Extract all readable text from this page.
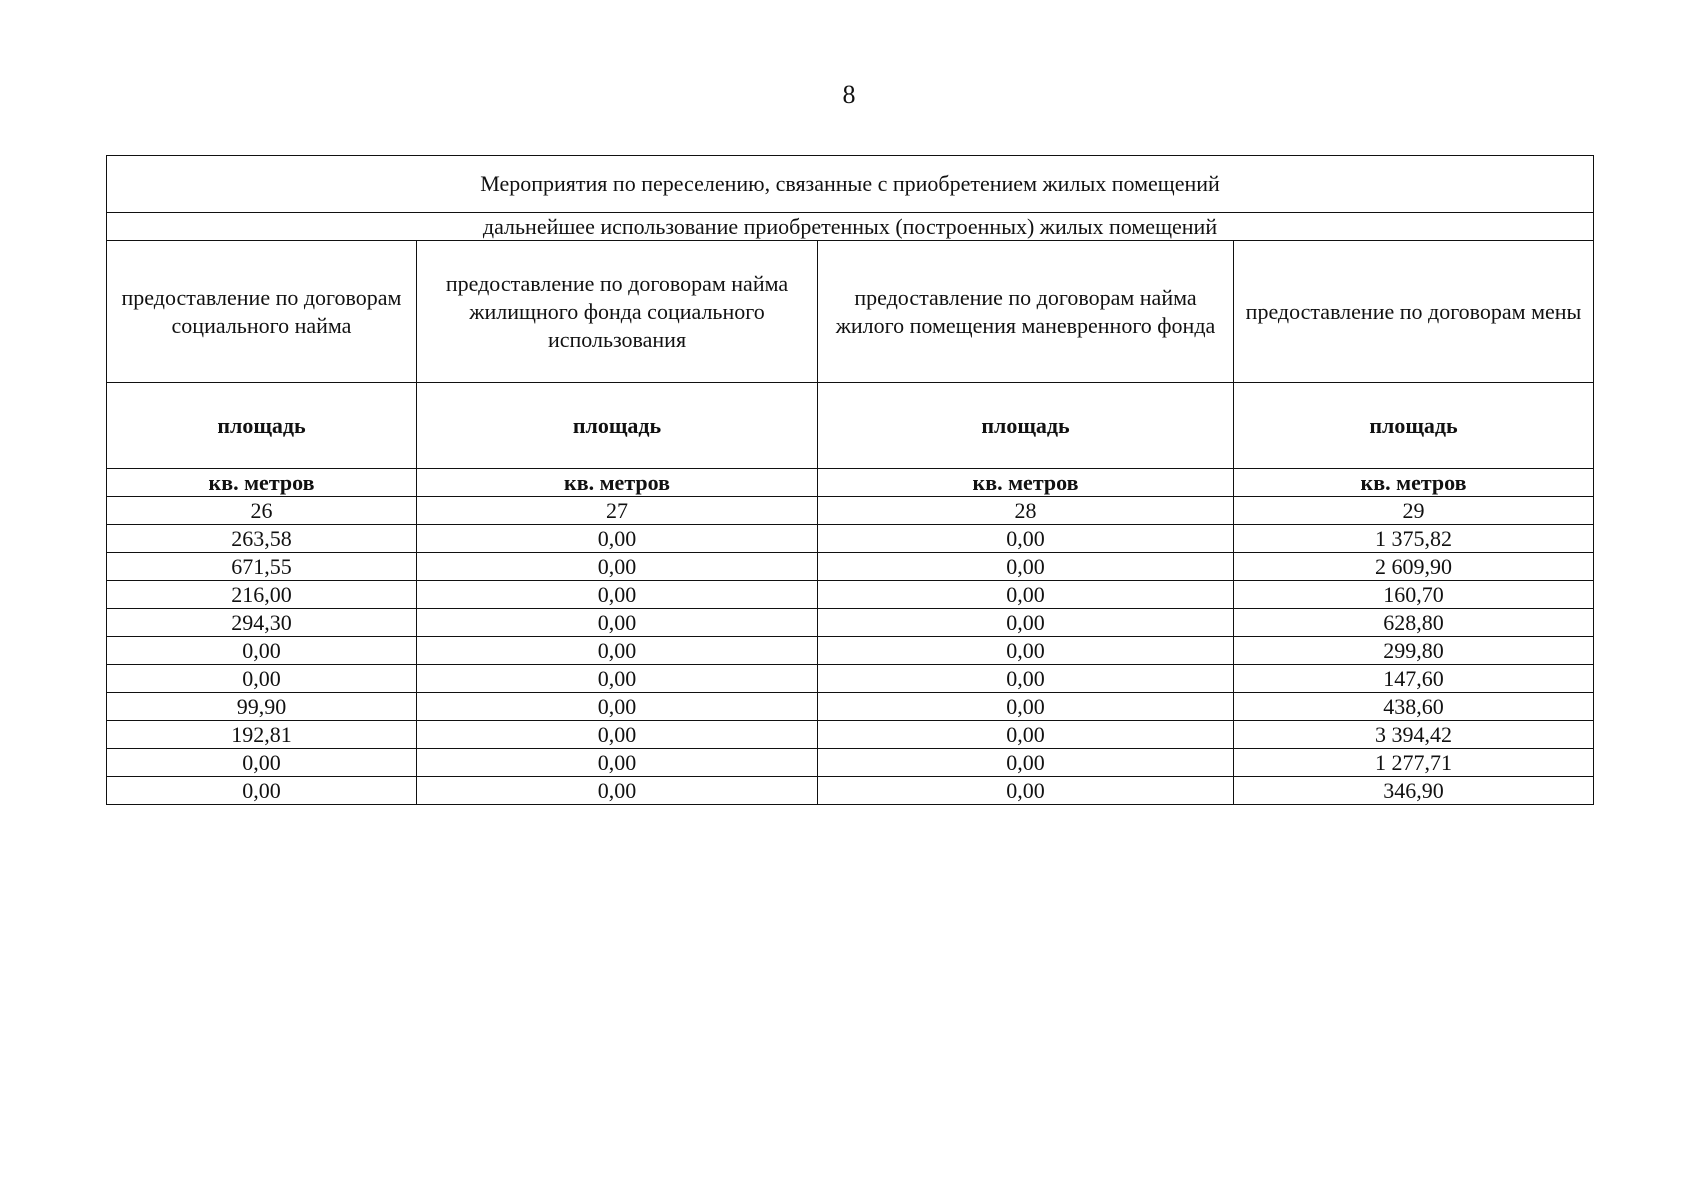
8
Мероприятия по переселению, связанные с приобретением жилых помещений			
дальнейшее использование приобретенных (построенных) жилых помещений			
предоставление по договорам социального найма	предоставление по договорам найма жилищного фонда социального использования	предоставление по договорам найма жилого помещения маневренного фонда	предоставление по договорам мены
площадь	площадь	площадь	площадь
кв. метров	кв. метров	кв. метров	кв. метров
26	27	28	29
263,58	0,00	0,00	1 375,82
671,55	0,00	0,00	2 609,90
216,00	0,00	0,00	160,70
294,30	0,00	0,00	628,80
0,00	0,00	0,00	299,80
0,00	0,00	0,00	147,60
99,90	0,00	0,00	438,60
192,81	0,00	0,00	3 394,42
0,00	0,00	0,00	1 277,71
0,00	0,00	0,00	346,90
